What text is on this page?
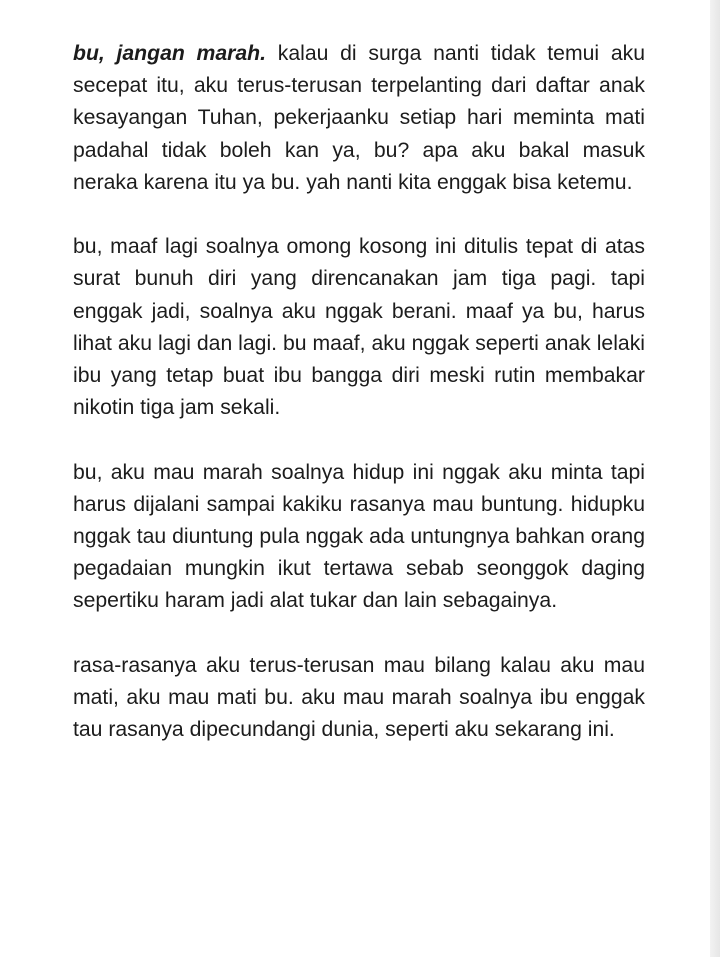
bu, jangan marah. kalau di surga nanti tidak temui aku secepat itu, aku terus-terusan terpelanting dari daftar anak kesayangan Tuhan, pekerjaanku setiap hari meminta mati padahal tidak boleh kan ya, bu? apa aku bakal masuk neraka karena itu ya bu. yah nanti kita enggak bisa ketemu.

bu, maaf lagi soalnya omong kosong ini ditulis tepat di atas surat bunuh diri yang direncanakan jam tiga pagi. tapi enggak jadi, soalnya aku nggak berani. maaf ya bu, harus lihat aku lagi dan lagi. bu maaf, aku nggak seperti anak lelaki ibu yang tetap buat ibu bangga diri meski rutin membakar nikotin tiga jam sekali.

bu, aku mau marah soalnya hidup ini nggak aku minta tapi harus dijalani sampai kakiku rasanya mau buntung. hidupku nggak tau diuntung pula nggak ada untungnya bahkan orang pegadaian mungkin ikut tertawa sebab seonggok daging sepertiku haram jadi alat tukar dan lain sebagainya.

rasa-rasanya aku terus-terusan mau bilang kalau aku mau mati, aku mau mati bu. aku mau marah soalnya ibu enggak tau rasanya dipecundangi dunia, seperti aku sekarang ini.
